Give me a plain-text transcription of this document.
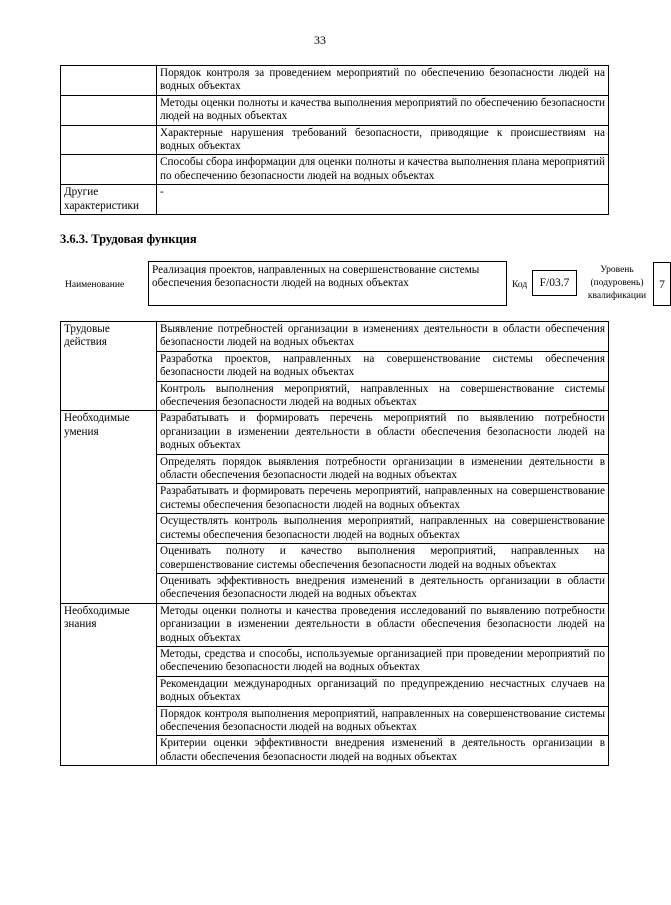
33
	Порядок контроля за проведением мероприятий по обеспечению безопасности людей на водных объектах
	Методы оценки полноты и качества выполнения мероприятий по обеспечению безопасности людей на водных объектах
	Характерные нарушения требований безопасности, приводящие к происшествиям на водных объектах
	Способы сбора информации для оценки полноты и качества выполнения плана мероприятий по обеспечению безопасности людей на водных объектах
Другие характеристики	-
3.6.3. Трудовая функция
Наименование
Реализация проектов, направленных на совершенствование системы обеспечения безопасности людей на водных объектах	Код	F/03.7
Уровень (подуровень) квалификации
7
Трудовые действия	Выявление потребностей организации в изменениях деятельности в области обеспечения безопасности людей на водных объектах
	Разработка проектов, направленных на совершенствование системы обеспечения безопасности людей на водных объектах
	Контроль выполнения мероприятий, направленных на совершенствование системы обеспечения безопасности людей на водных объектах
Необходимые умения	Разрабатывать и формировать перечень мероприятий по выявлению потребности организации в изменении деятельности в области обеспечения безопасности людей на водных объектах
	Определять порядок выявления потребности организации в изменении деятельности в области обеспечения безопасности людей на водных объектах
	Разрабатывать и формировать перечень мероприятий, направленных на совершенствование системы обеспечения безопасности людей на водных объектах
	Осуществлять контроль выполнения мероприятий, направленных на совершенствование системы обеспечения безопасности людей на водных объектах
	Оценивать полноту и качество выполнения мероприятий, направленных на совершенствование системы обеспечения безопасности людей на водных объектах
	Оценивать эффективность внедрения изменений в деятельность организации в области обеспечения безопасности людей на водных объектах
Необходимые знания	Методы оценки полноты и качества проведения исследований по выявлению потребности организации в изменении деятельности в области обеспечения безопасности людей на водных объектах
	Методы, средства и способы, используемые организацией при проведении мероприятий по обеспечению безопасности людей на водных объектах
	Рекомендации международных организаций по предупреждению несчастных случаев на водных объектах
	Порядок контроля выполнения мероприятий, направленных на совершенствование системы обеспечения безопасности людей на водных объектах
	Критерии оценки эффективности внедрения изменений в деятельность организации в области обеспечения безопасности людей на водных объектах
